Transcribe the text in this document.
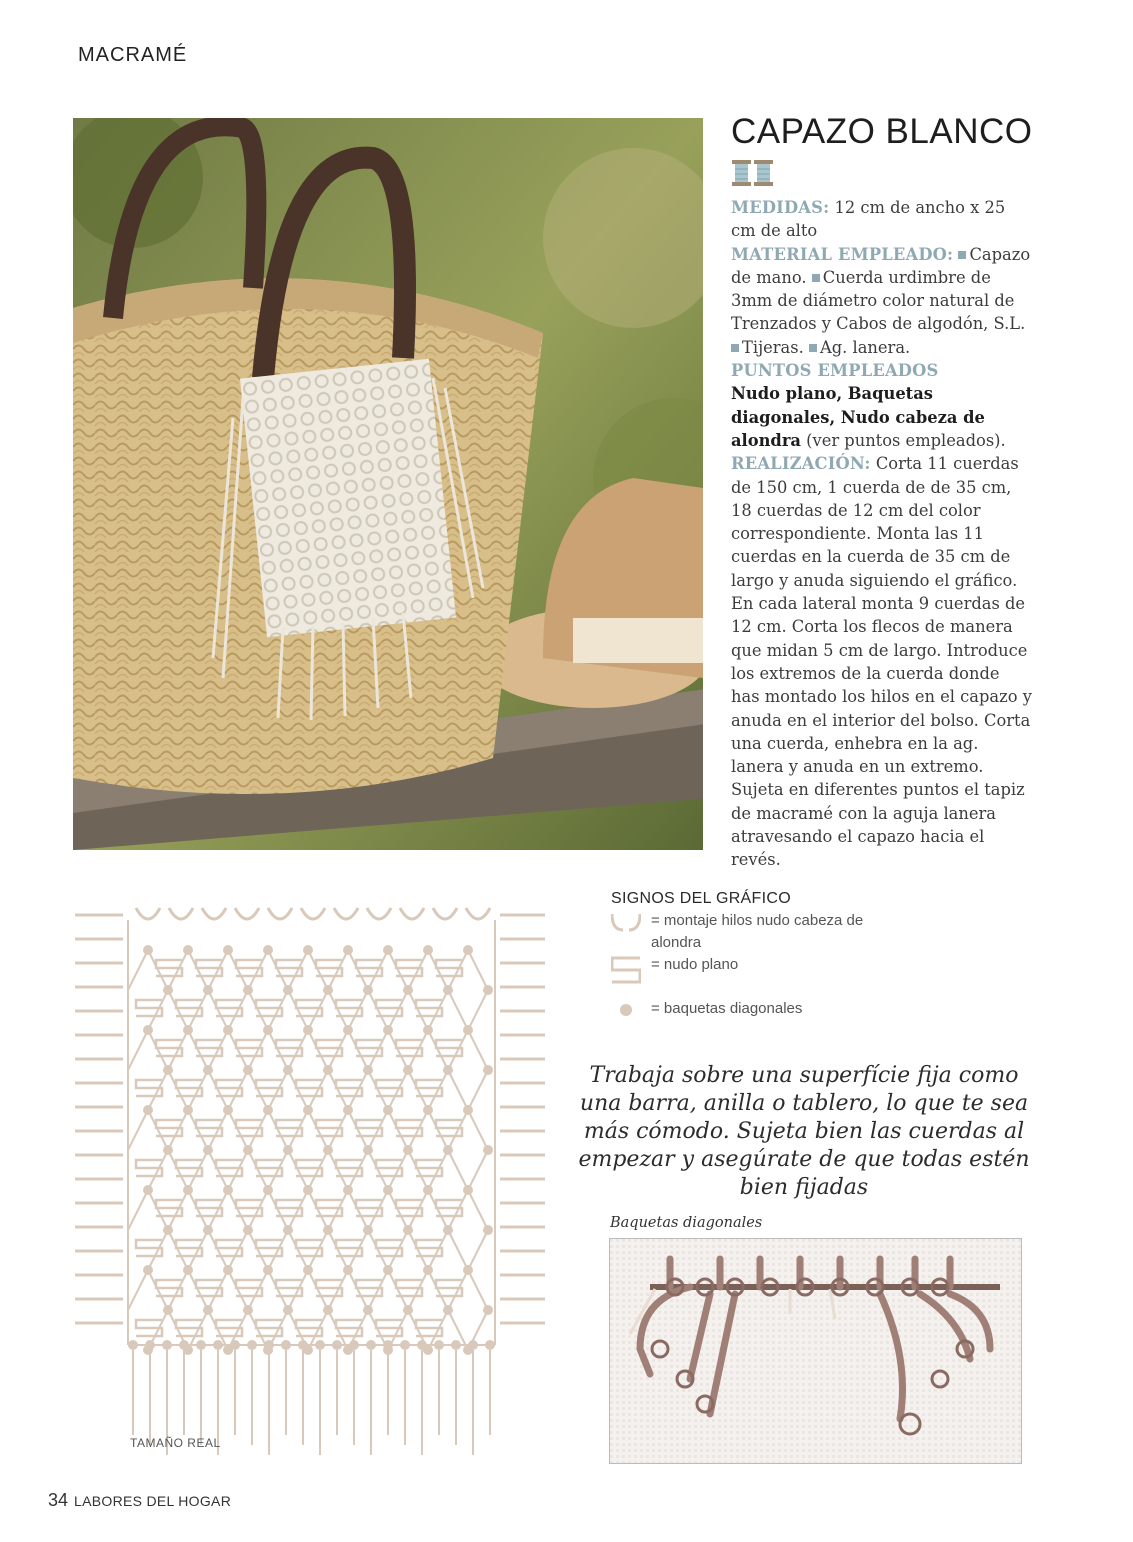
MACRAMÉ
CAPAZO BLANCO

MEDIDAS: 12 cm de ancho x 25 cm de alto

MATERIAL EMPLEADO: Capazo de mano. Cuerda urdimbre de 3mm de diámetro color natural de Trenzados y Cabos de algodón, S.L. Tijeras. Ag. lanera.

PUNTOS EMPLEADOS

Nudo plano, Baquetas diagonales, Nudo cabeza de alondra (ver puntos empleados).

REALIZACIÓN: Corta 11 cuerdas de 150 cm, 1 cuerda de de 35 cm, 18 cuerdas de 12 cm del color correspondiente. Monta las 11 cuerdas en la cuerda de 35 cm de largo y anuda siguiendo el gráfico. En cada lateral monta 9 cuerdas de 12 cm. Corta los flecos de manera que midan 5 cm de largo. Introduce los extremos de la cuerda donde has montado los hilos en el capazo y anuda en el interior del bolso. Corta una cuerda, enhebra en la ag. lanera y anuda en un extremo. Sujeta en diferentes puntos el tapiz de macramé con la aguja lanera atravesando el capazo hacia el revés.

TAMAÑO REAL
SIGNOS DEL GRÁFICO
= montaje hilos nudo cabeza de alondra
= nudo plano
= baquetas diagonales
Trabaja sobre una superfície fija como una barra, anilla o tablero, lo que te sea más cómodo. Sujeta bien las cuerdas al empezar y asegúrate de que todas estén bien fijadas
Baquetas diagonales
34 LABORES DEL HOGAR
